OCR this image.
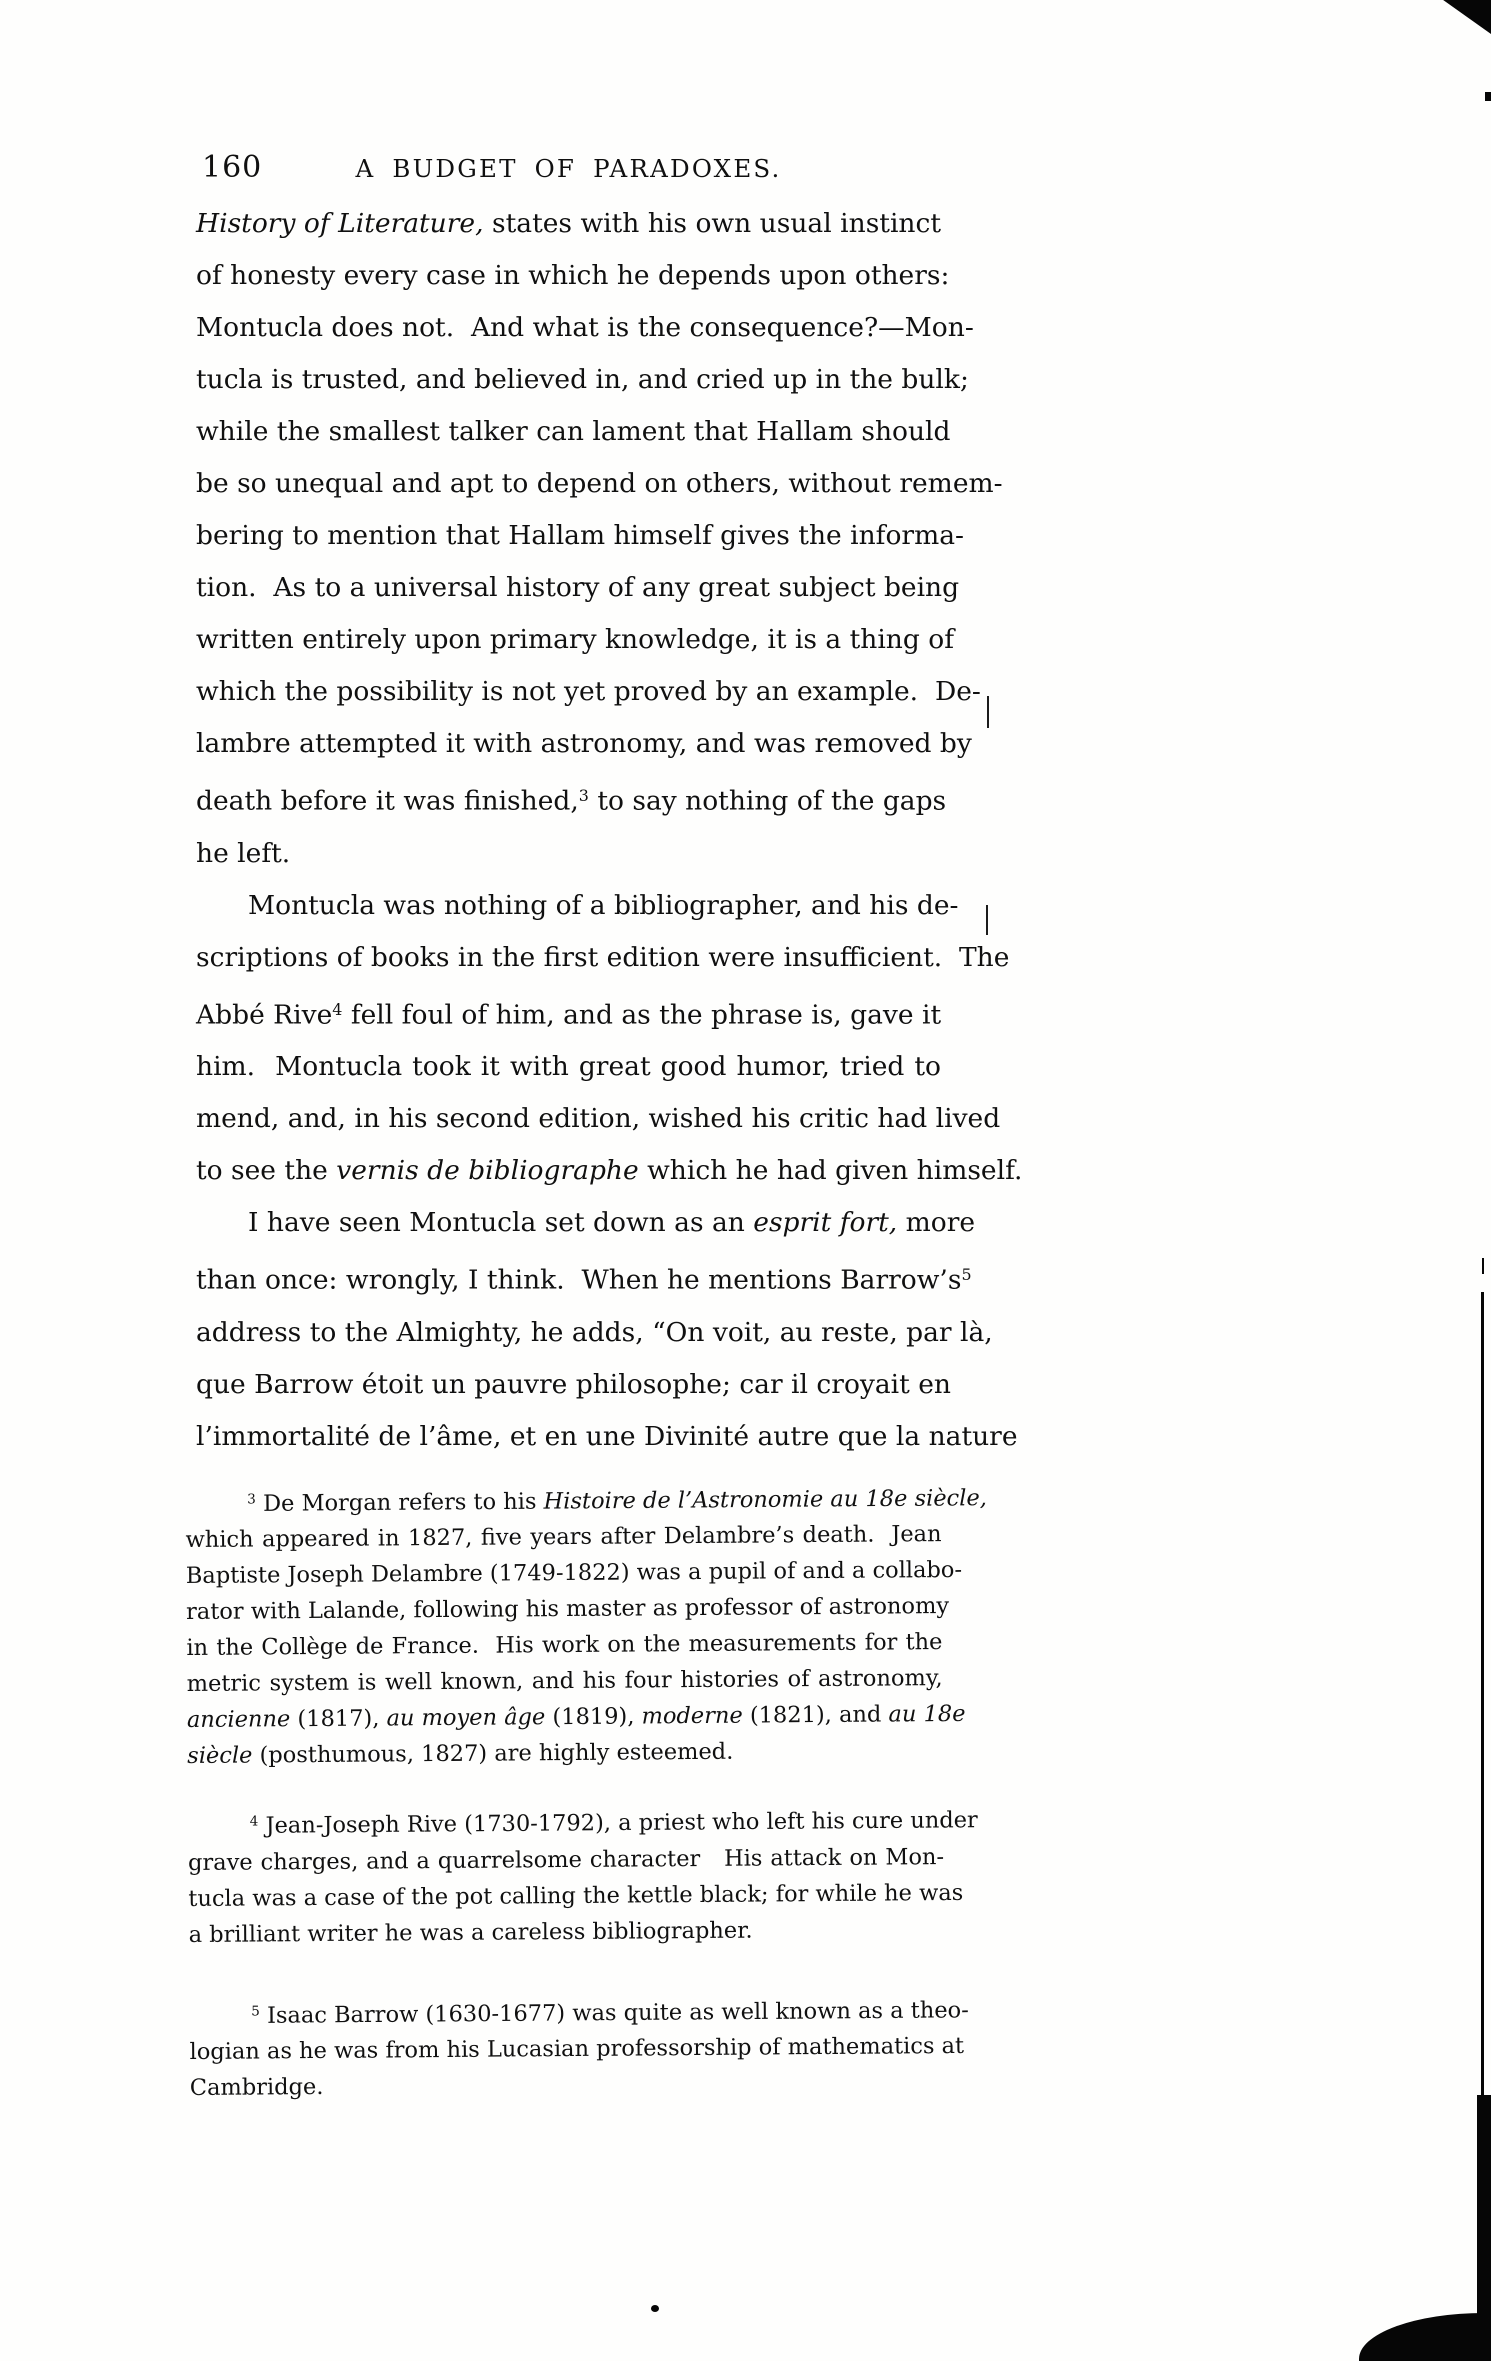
160	A BUDGET OF PARADOXES.
History of Literature, states with his own usual instinct
of honesty every case in which he depends upon others:
Montucla does not.  And what is the consequence?—Mon-
tucla is trusted, and believed in, and cried up in the bulk;
while the smallest talker can lament that Hallam should
be so unequal and apt to depend on others, without remem-
bering to mention that Hallam himself gives the informa-
tion.  As to a universal history of any great subject being
written entirely upon primary knowledge, it is a thing of
which the possibility is not yet proved by an example.  De-
lambre attempted it with astronomy, and was removed by
death before it was finished,$^3$ to say nothing of the gaps
he left.
Montucla was nothing of a bibliographer, and his de-
scriptions of books in the first edition were insufficient.  The
Abbé Rive$^4$ fell foul of him, and as the phrase is, gave it
him.  Montucla took it with great good humor, tried to
mend, and, in his second edition, wished his critic had lived
to see the vernis de bibliographe which he had given himself.
I have seen Montucla set down as an esprit fort, more
than once: wrongly, I think.  When he mentions $Barrow’s^5$
address to the Almighty, he adds, “On voit, au reste, par là,
que Barrow étoit un pauvre philosophe; car il croyait en
l’immortalité de l’âme, et en une Divinité autre que la nature
$^3$ De Morgan refers to his Histoire de l’Astronomie au 18e siècle,
which appeared in 1827, five years after Delambre’s death.  Jean
Baptiste Joseph Delambre (1749-1822) was a pupil of and a collabo-
rator with Lalande, following his master as professor of astronomy
in the Collège de France.  His work on the measurements for the
metric system is well known, and his four histories of astronomy,
ancienne (1817), au moyen âge (1819), moderne (1821), and au 18e
siècle (posthumous, 1827) are highly esteemed.
$^4$ Jean-Joseph Rive (1730-1792), a priest who left his cure under
grave charges, and a quarrelsome character   His attack on Mon-
tucla was a case of the pot calling the kettle black; for while he was
a brilliant writer he was a careless bibliographer.
$^5$ Isaac Barrow (1630-1677) was quite as well known as a theo-
logian as he was from his Lucasian professorship of mathematics at
Cambridge.
